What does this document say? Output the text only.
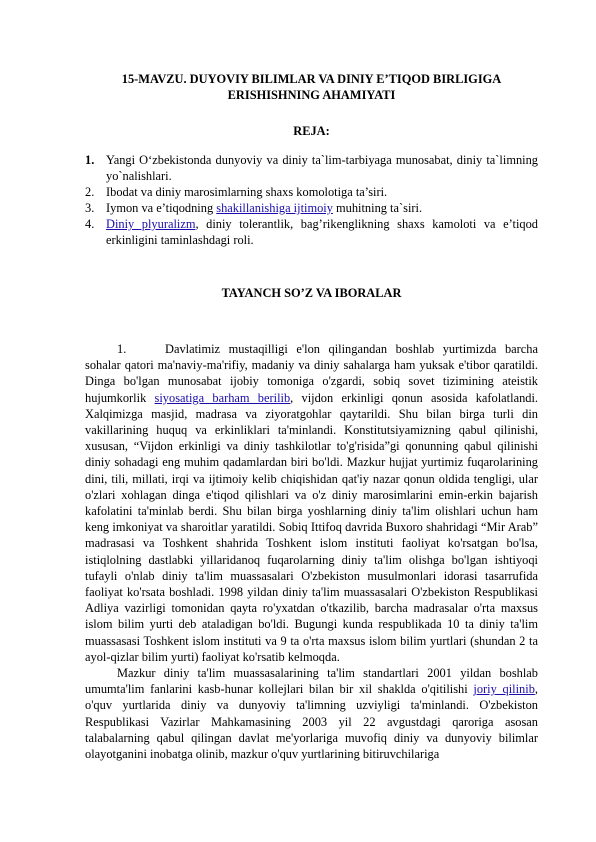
15-MAVZU. DUYOVIY BILIMLAR VA DINIY E’TIQOD BIRLIGIGA
ERISHISHNING AHAMIYATI
REJA:
1. Yangi O‘zbekistonda dunyoviy va diniy ta`lim-tarbiyaga munosabat, diniy ta`limning yo`nalishlari.
2. Ibodat va diniy marosimlarning shaxs komolotiga ta’siri.
3. Iymon va e’tiqodning shakillanishiga ijtimoiy muhitning ta`siri.
4. Diniy plyuralizm, diniy tolerantlik, bag’rikenglikning shaxs kamoloti va e’tiqod erkinligini taminlashdagi roli.
TAYANCH SO’Z VA IBORALAR

1.	Davlatimiz mustaqilligi e'lon qilingandan boshlab yurtimizda barcha sohalar qatori ma'naviy-ma'rifiy, madaniy va diniy sahalarga ham yuksak e'tibor qaratildi. Dinga bo'lgan munosabat ijobiy tomoniga o'zgardi, sobiq sovet tizimining ateistik hujumkorlik siyosatiga barham berilib, vijdon erkinligi qonun asosida kafolatlandi. Xalqimizga masjid, madrasa va ziyoratgohlar qaytarildi. Shu bilan birga turli din vakillarining huquq va erkinliklari ta'minlandi. Konstitutsiyamizning qabul qilinishi, xususan, “Vijdon erkinligi va diniy tashkilotlar to'g'risida”gi qonunning qabul qilinishi diniy sohadagi eng muhim qadamlardan biri bo'ldi. Mazkur hujjat yurtimiz fuqarolarining dini, tili, millati, irqi va ijtimoiy kelib chiqishidan qat'iy nazar qonun oldida tengligi, ular o'zlari xohlagan dinga e'tiqod qilishlari va o'z diniy marosimlarini emin-erkin bajarish kafolatini ta'minlab berdi. Shu bilan birga yoshlarning diniy ta'lim olishlari uchun ham keng imkoniyat va sharoitlar yaratildi. Sobiq Ittifoq davrida Buxoro shahridagi “Mir Arab” madrasasi va Toshkent shahrida Toshkent islom instituti faoliyat ko'rsatgan bo'lsa, istiqlolning dastlabki yillaridanoq fuqarolarning diniy ta'lim olishga bo'lgan ishtiyoqi tufayli o'nlab diniy ta'lim muassasalari O'zbekiston musulmonlari idorasi tasarrufida faoliyat ko'rsata boshladi. 1998 yildan diniy ta'lim muassasalari O'zbekiston Respublikasi Adliya vazirligi tomonidan qayta ro'yxatdan o'tkazilib, barcha madrasalar o'rta maxsus islom bilim yurti deb ataladigan bo'ldi. Bugungi kunda respublikada 10 ta diniy ta'lim muassasasi Toshkent islom instituti va 9 ta o'rta maxsus islom bilim yurtlari (shundan 2 ta ayol-qizlar bilim yurti) faoliyat ko'rsatib kelmoqda.

Mazkur diniy ta'lim muassasalarining ta'lim standartlari 2001 yildan boshlab umumta'lim fanlarini kasb-hunar kollejlari bilan bir xil shaklda o'qitilishi joriy qilinib, o'quv yurtlarida diniy va dunyoviy ta'limning uzviyligi ta'minlandi. O'zbekiston Respublikasi Vazirlar Mahkamasining 2003 yil 22 avgustdagi qaroriga asosan talabalarning qabul qilingan davlat me'yorlariga muvofiq diniy va dunyoviy bilimlar olayotganini inobatga olinib, mazkur o'quv yurtlarining bitiruvchilariga
